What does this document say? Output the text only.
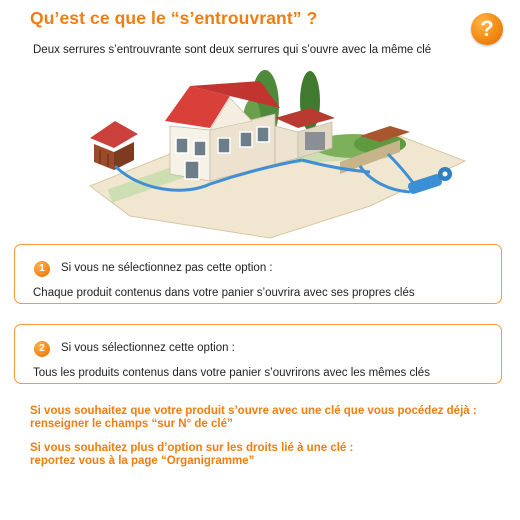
Qu’est ce que le “s’entrouvrant” ?	?
Deux serrures s’entrouvrante sont deux serrures qui s’ouvre avec la même clé
1	Si vous ne sélectionnez pas cette option :
Chaque produit contenus dans votre panier s’ouvrira avec ses propres clés
2	Si vous sélectionnez cette option :
Tous les produits contenus dans votre panier s’ouvrirons avec les mêmes clés
Si vous souhaitez que votre produit s’ouvre avec une clé que vous pocédez déjà :
renseigner le champs “sur N° de clé”
Si vous souhaitez plus d’option sur les droits lié à une clé :
reportez vous à la page “Organigramme”
